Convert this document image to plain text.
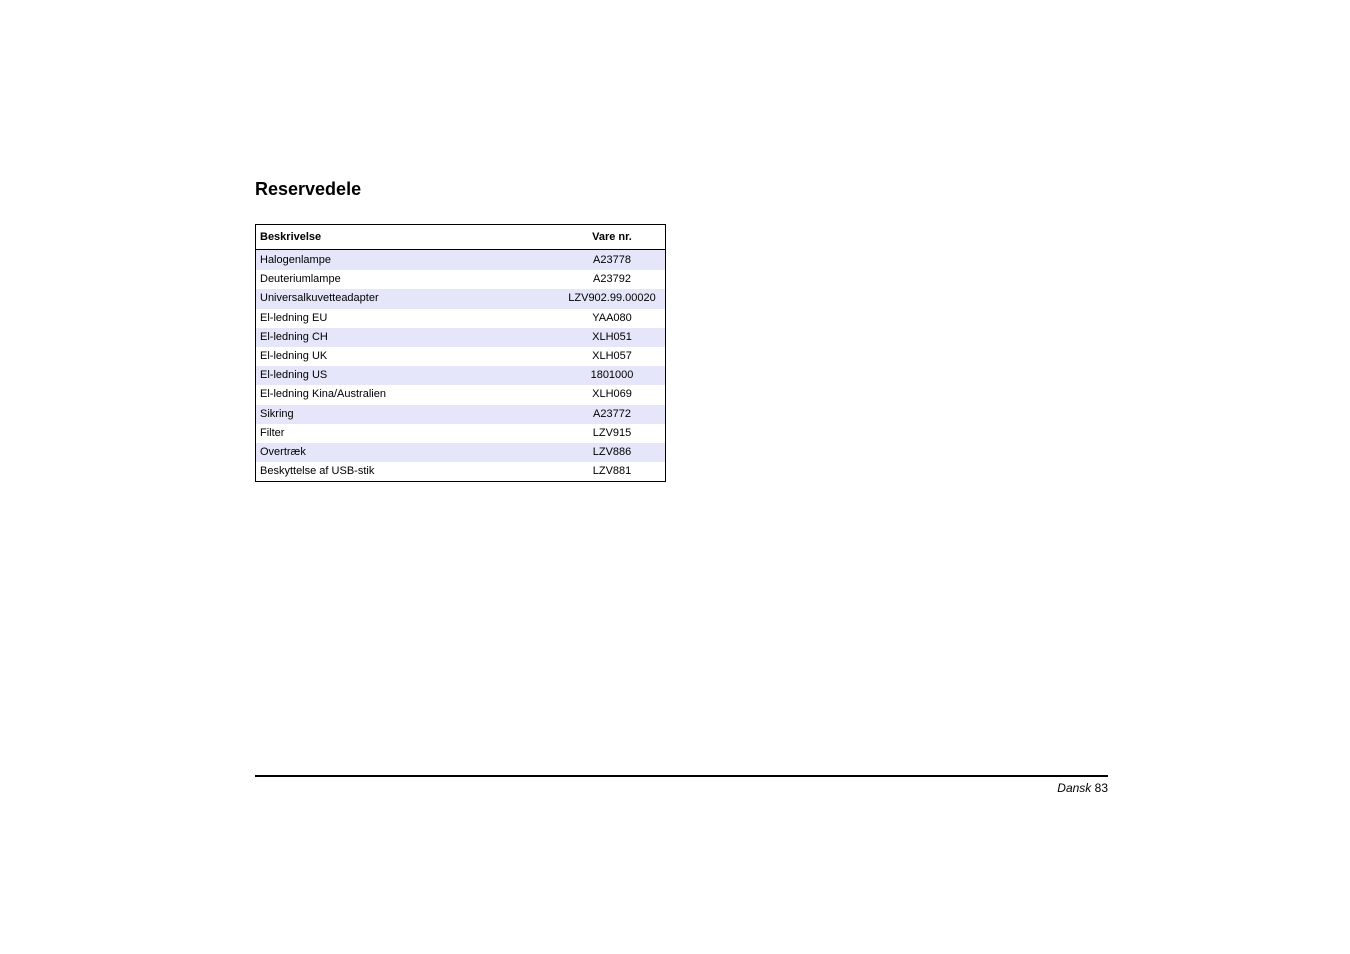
Reservedele
Beskrivelse	Vare nr.
Halogenlampe	A23778
Deuteriumlampe	A23792
Universalkuvetteadapter	LZV902.99.00020
El-ledning EU	YAA080
El-ledning CH	XLH051
El-ledning UK	XLH057
El-ledning US	1801000
El-ledning Kina/Australien	XLH069
Sikring	A23772
Filter	LZV915
Overtræk	LZV886
Beskyttelse af USB-stik	LZV881
Dansk 83
